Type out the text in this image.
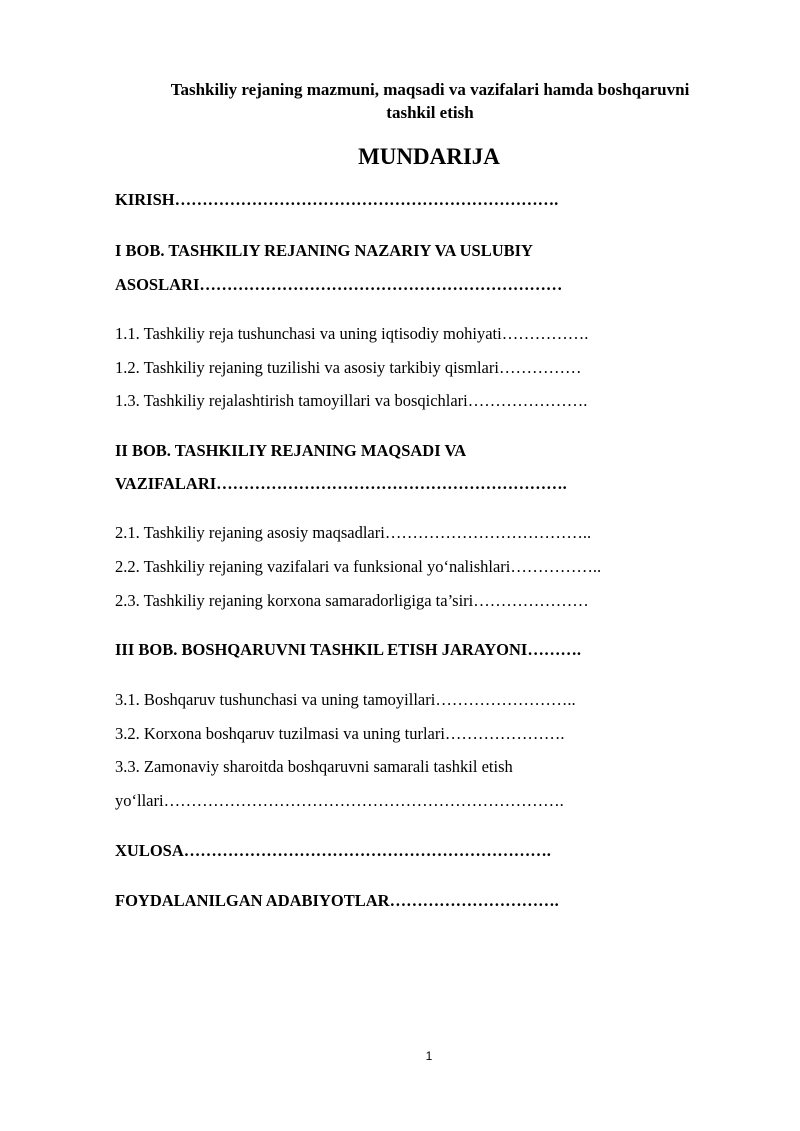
Tashkiliy rejaning mazmuni, maqsadi va vazifalari hamda boshqaruvni
tashkil etish
MUNDARIJA
KIRISH…………………………………………………………….
I BOB. TASHKILIY REJANING NAZARIY VA USLUBIY
ASOSLARI…………………………………………………………
1.1. Tashkiliy reja tushunchasi va uning iqtisodiy mohiyati…………….
1.2. Tashkiliy rejaning tuzilishi va asosiy tarkibiy qismlari……………
1.3. Tashkiliy rejalashtirish tamoyillari va bosqichlari………………….
II BOB. TASHKILIY REJANING MAQSADI VA
VAZIFALARI……………………………………………………….
2.1. Tashkiliy rejaning asosiy maqsadlari………………………………..
2.2. Tashkiliy rejaning vazifalari va funksional yo‘nalishlari……………..
2.3. Tashkiliy rejaning korxona samaradorligiga ta’siri…………………
III BOB. BOSHQARUVNI TASHKIL ETISH JARAYONI……….
3.1. Boshqaruv tushunchasi va uning tamoyillari……………………..
3.2. Korxona boshqaruv tuzilmasi va uning turlari………………….
3.3. Zamonaviy sharoitda boshqaruvni samarali tashkil etish
yo‘llari……………………………………………………………….
XULOSA………………………………………………………….
FOYDALANILGAN ADABIYOTLAR………………………….
1
